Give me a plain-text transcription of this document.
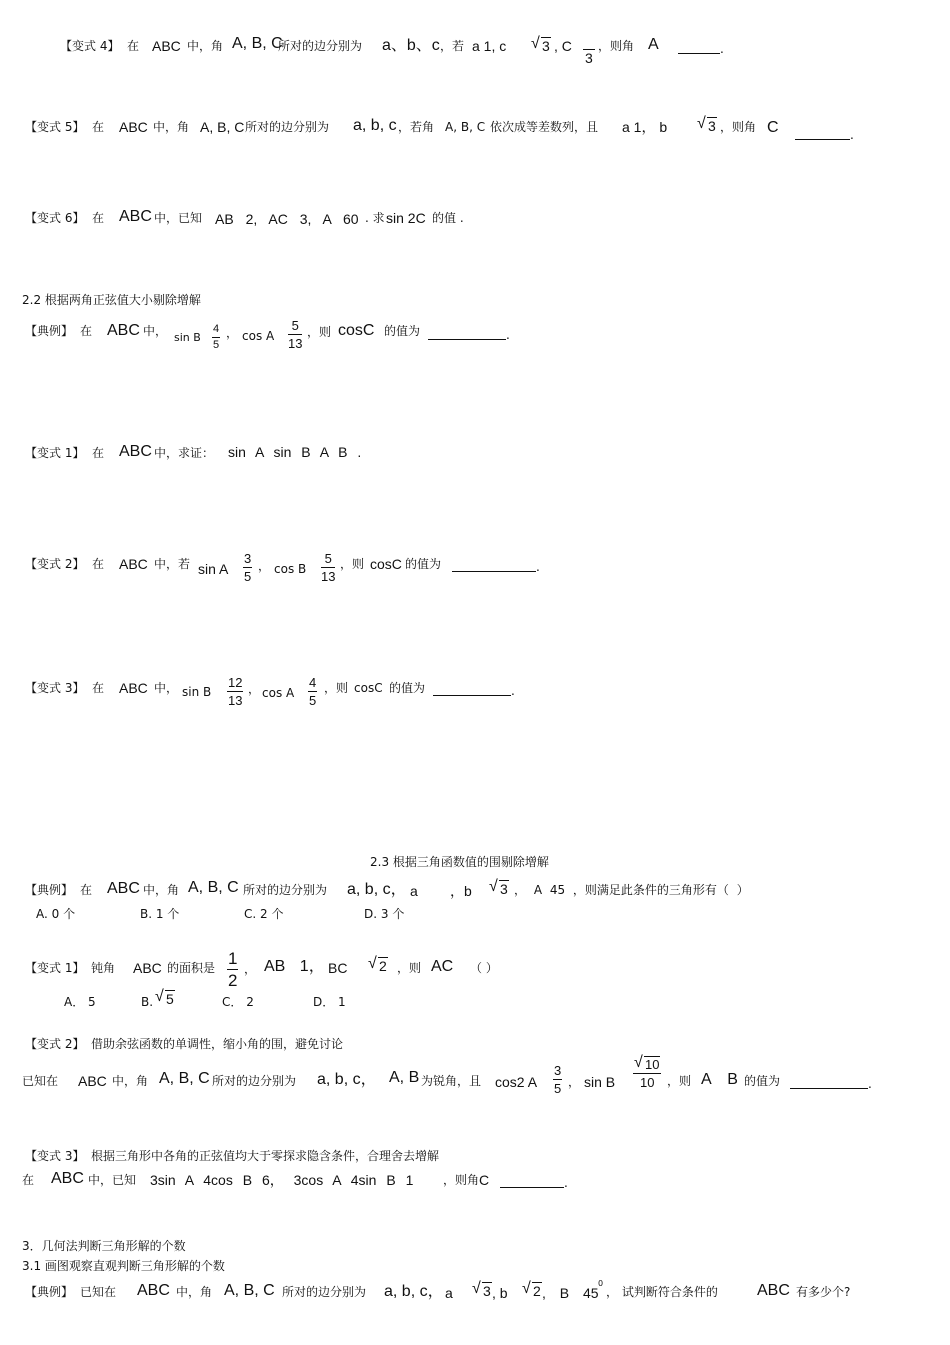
【变式 4】 在 ABC 中，角 A, B, C
所对的边分别为 a、b、c ，若 a 1, c	√ 3 , C
3
，则角 A	.
【变式 5】 在 ABC 中，角 A, B, C 所对的边分别为 a, b, c ，若角 A, B, C 依次成等差数列，且 a 1， b	√ 3 ，则角 C	.
【变式 6】 在 ABC 中，已知 AB 2, AC 3, A 60 . 求 sin 2C 的值 .
2.2 根据两角正弦值大小剔除增解
【典例】 在 ABC 中， sin B $\frac{4}{5}$ ， cos A $\frac{5}{13}$ ，则 cosC 的值为	.
【变式 1】 在 ABC 中，求证： sin A sin B A B .
【变式 2】 在 ABC 中，若 sin A $\frac{3}{5}$ ， cos B $\frac{5}{13}$ ，则 cosC 的值为	.
【变式 3】 在 ABC 中， sin B $\frac{12}{13}$ ， cos A $\frac{4}{5}$ ，则 cosC 的值为	.
2.3 根据三角函数值的围剔除增解
【典例】 在 ABC 中，角 A, B, C 所对的边分别为 a, b, c， a ，b	√ 3 ， A 45 ，则满足此条件的三角形有（ ）
A. 0 个	B. 1 个	C. 2 个	D. 3 个
【变式 1】 钝角 ABC 的面积是 $\frac{1}{2}$ ， AB 1， BC	√ 2 ，则 AC （ ）
A． 5	B. √ 5	C． 2	D． 1
【变式 2】 借助余弦函数的单调性，缩小角的围，避免讨论
已知在 ABC 中，角 A, B, C 所对的边分别为 a, b, c， A, B 为锐角，且 cos2 A $\frac{3}{5}$ ， sin B √ $\frac{10}{10}$ ，则 A B 的值为	.
【变式 3】 根据三角形中各角的正弦值均大于零探求隐含条件，合理舍去增解
在 ABC 中，已知 3sin A 4cos B 6， 3cos A 4sin B 1 ，则角 C	.
3．几何法判断三角形解的个数
3.1 画图观察直观判断三角形解的个数
【典例】 已知在 ABC 中，角 A, B, C 所对的边分别为 a, b, c， a	√ 3 , b	√ 2 , B 45
0
， 试判断符合条件的 ABC 有多少个?
